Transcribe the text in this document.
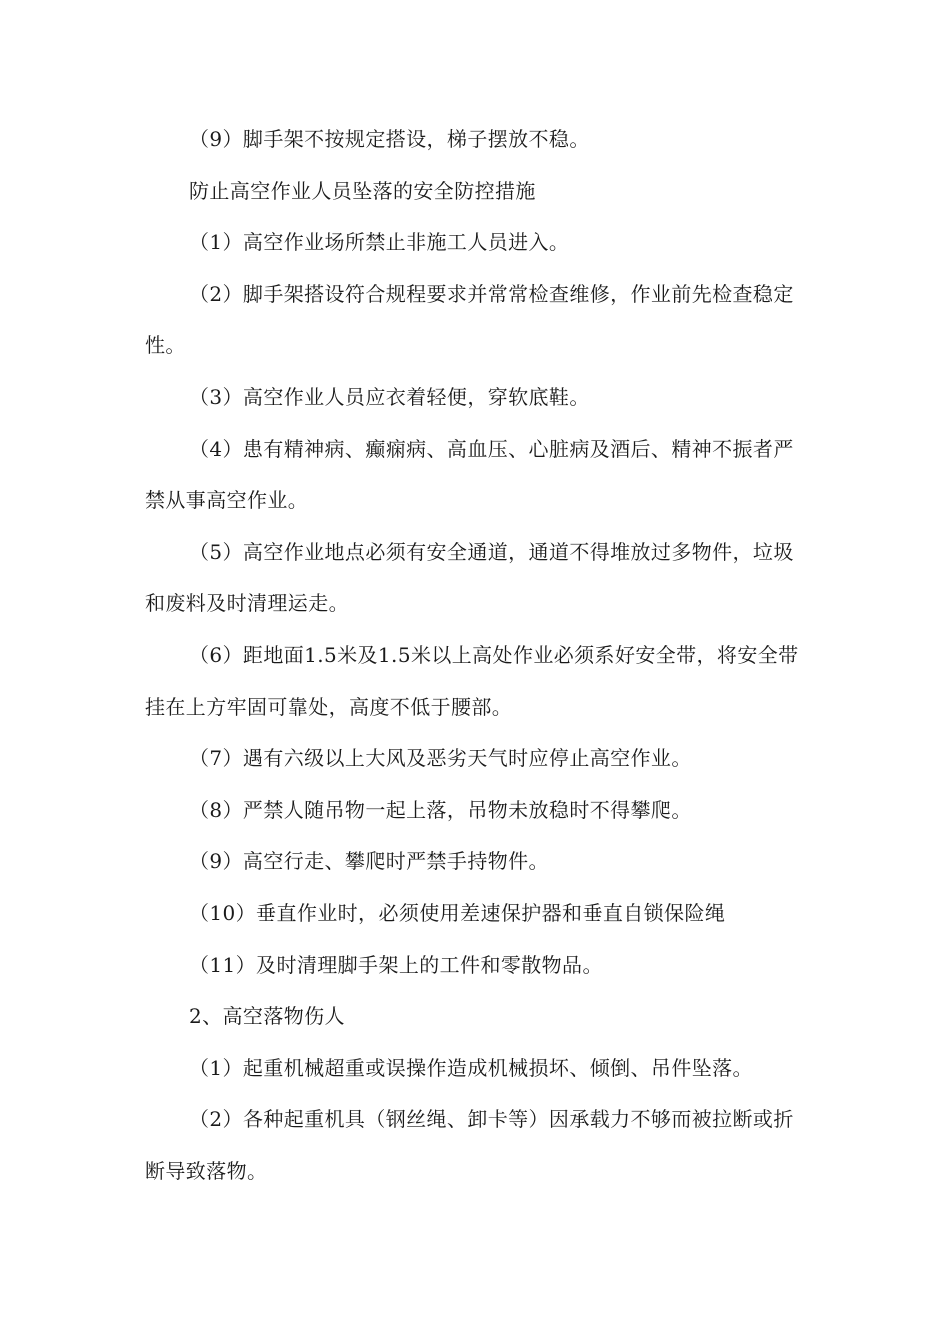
（9）脚手架不按规定搭设，梯子摆放不稳。

防止高空作业人员坠落的安全防控措施

（1）高空作业场所禁止非施工人员进入。

（2）脚手架搭设符合规程要求并常常检查维修，作业前先检查稳定性。

（3）高空作业人员应衣着轻便，穿软底鞋。

（4）患有精神病、癫痫病、高血压、心脏病及酒后、精神不振者严禁从事高空作业。

（5）高空作业地点必须有安全通道，通道不得堆放过多物件，垃圾和废料及时清理运走。

（6）距地面1.5米及1.5米以上高处作业必须系好安全带，将安全带挂在上方牢固可靠处，高度不低于腰部。

（7）遇有六级以上大风及恶劣天气时应停止高空作业。

（8）严禁人随吊物一起上落，吊物未放稳时不得攀爬。

（9）高空行走、攀爬时严禁手持物件。

（10）垂直作业时，必须使用差速保护器和垂直自锁保险绳

（11）及时清理脚手架上的工件和零散物品。

2、高空落物伤人

（1）起重机械超重或误操作造成机械损坏、倾倒、吊件坠落。

（2）各种起重机具（钢丝绳、卸卡等）因承载力不够而被拉断或折断导致落物。
